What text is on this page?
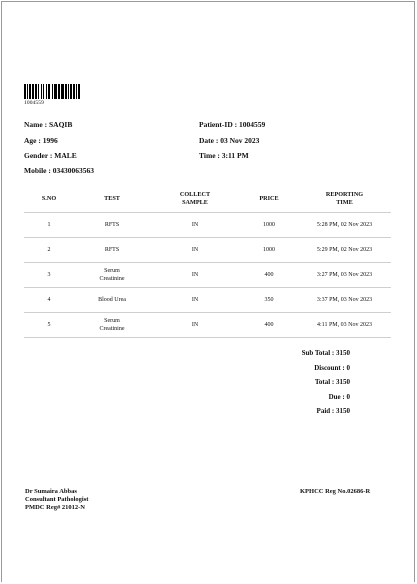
1004559
Name : SAQIB
Age : 1996
Gender : MALE
Mobile : 03430063563
Patient-ID : 1004559
Date : 03 Nov 2023
Time : 3:11 PM
S.NO	TEST	COLLECT SAMPLE	PRICE	REPORTING TIME

1	RFTS	IN	1000	5:28 PM, 02 Nov 2023

2	RFTS	IN	1000	5:29 PM, 02 Nov 2023

3	Serum Creatinine	IN	400	3:27 PM, 03 Nov 2023

4	Blood Urea	IN	350	3:37 PM, 03 Nov 2023

5	Serum Creatinine	IN	400	4:11 PM, 03 Nov 2023
Sub Total : 3150
Discount : 0
Total : 3150
Due : 0
Paid : 3150
Dr Sumaira Abbas
Consultant Pathologist
PMDC Reg# 21012-N
KPHCC Reg No.02686-R
